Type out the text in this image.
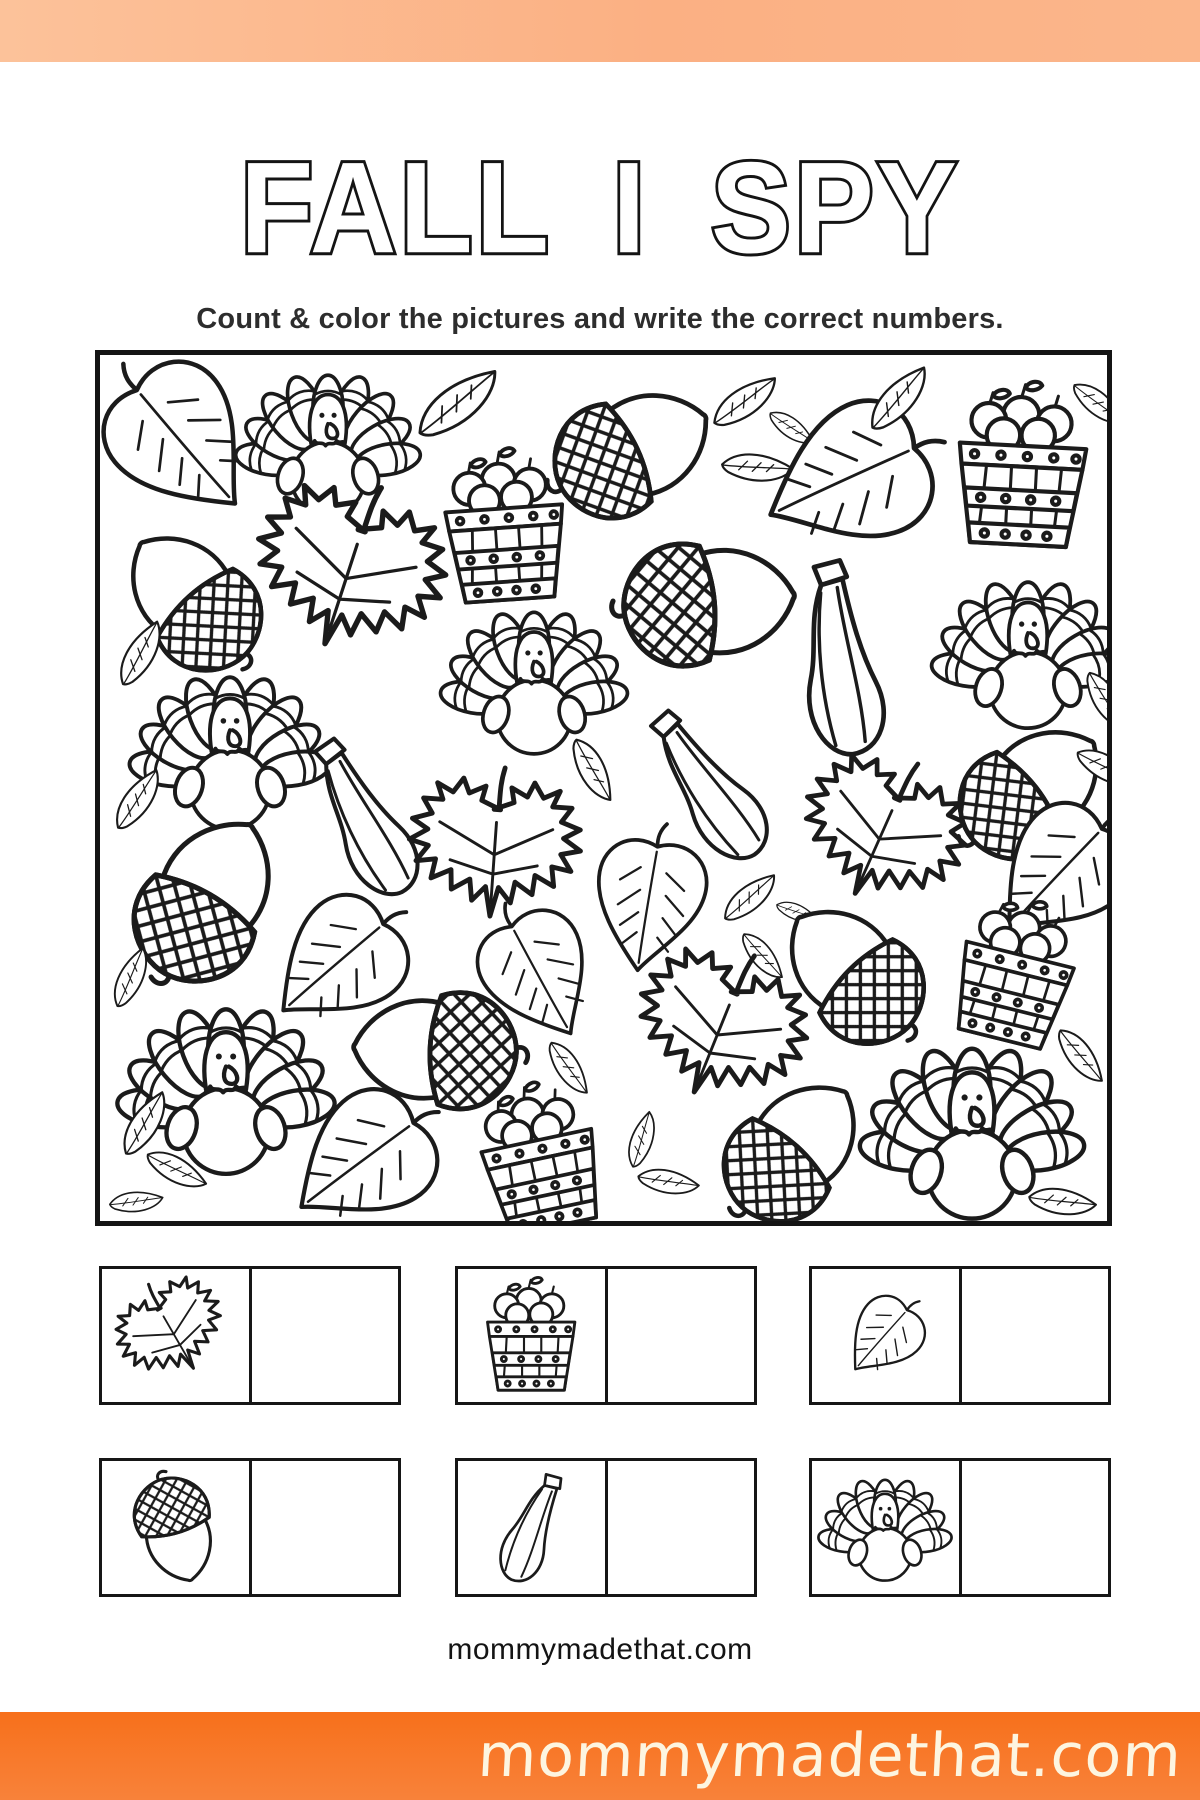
FALL I SPY
Count & color the pictures and write the correct numbers.
mommymadethat.com
mommymadethat.com
